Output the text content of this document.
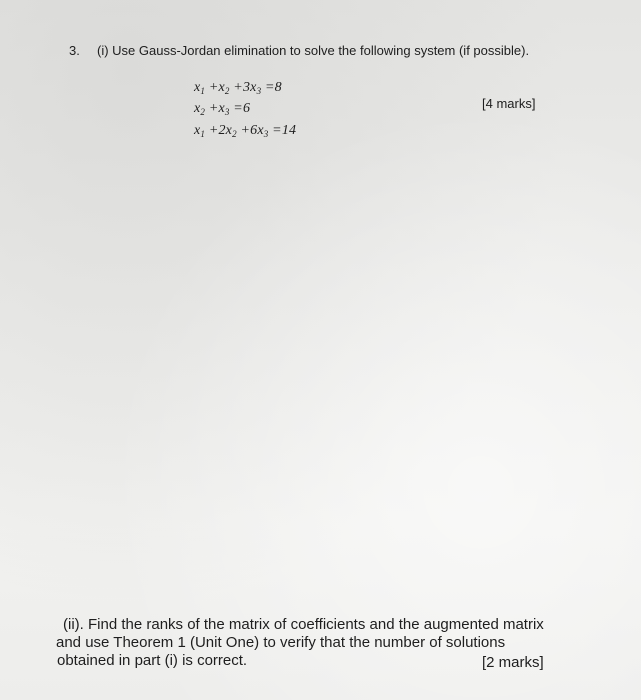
3. (i) Use Gauss-Jordan elimination to solve the following system (if possible).
$x_1 +x_2 +3x_3 =8$
$x_2 +x_3 =6$
$x_1 +2x_2 +6x_3 =14$
[4 marks]
(ii). Find the ranks of the matrix of coefficients and the augmented matrix
and use Theorem 1 (Unit One) to verify that the number of solutions
obtained in part (i) is correct.	[2 marks]
